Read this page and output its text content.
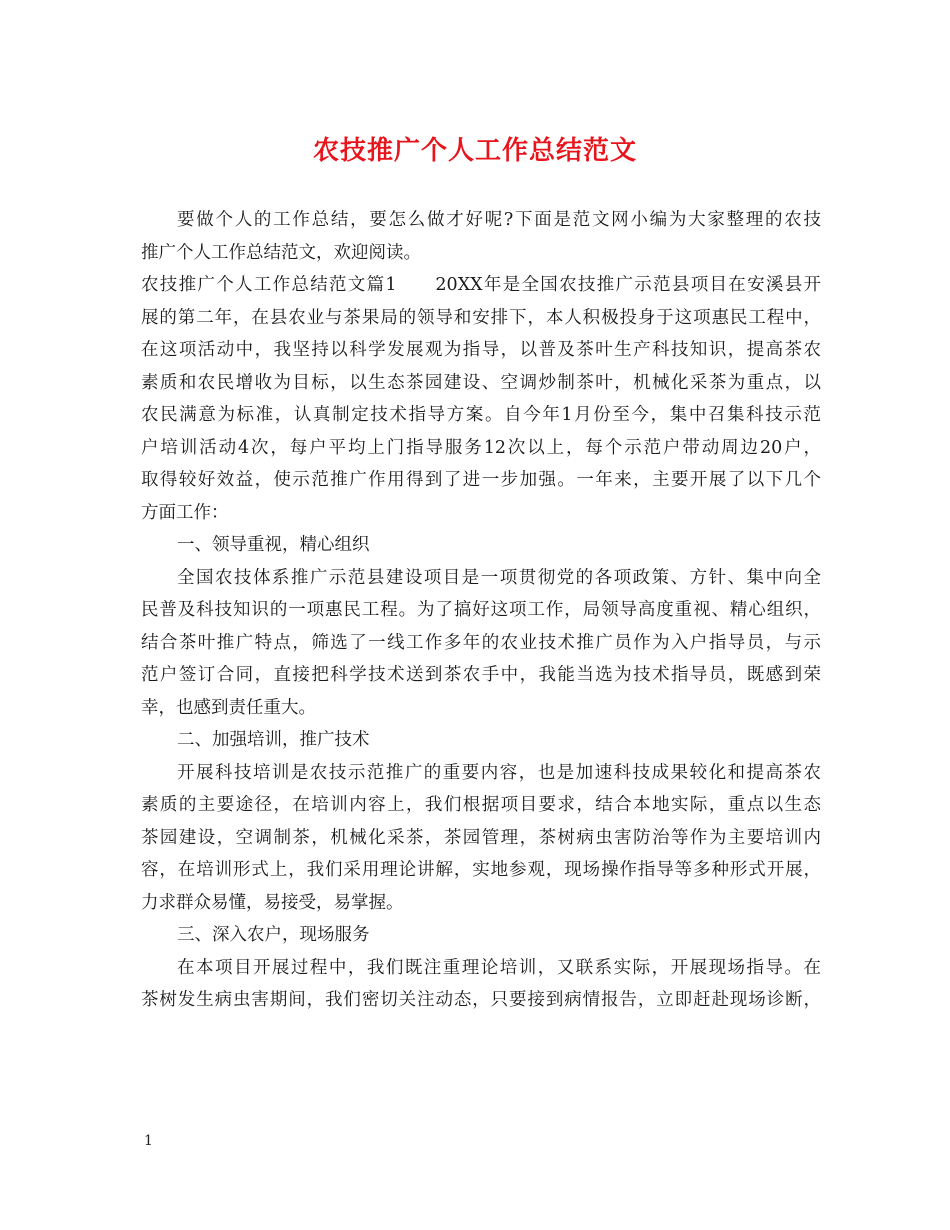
农技推广个人工作总结范文
要做个人的工作总结，要怎么做才好呢?下面是范文网小编为大家整理的农技
推广个人工作总结范文，欢迎阅读。
农技推广个人工作总结范文篇1　　20XX年是全国农技推广示范县项目在安溪县开
展的第二年，在县农业与茶果局的领导和安排下，本人积极投身于这项惠民工程中，
在这项活动中，我坚持以科学发展观为指导，以普及茶叶生产科技知识，提高茶农
素质和农民增收为目标，以生态茶园建设、空调炒制茶叶，机械化采茶为重点，以
农民满意为标准，认真制定技术指导方案。自今年1月份至今，集中召集科技示范
户培训活动4次，每户平均上门指导服务12次以上，每个示范户带动周边20户，
取得较好效益，使示范推广作用得到了进一步加强。一年来，主要开展了以下几个
方面工作：
一、领导重视，精心组织
全国农技体系推广示范县建设项目是一项贯彻党的各项政策、方针、集中向全
民普及科技知识的一项惠民工程。为了搞好这项工作，局领导高度重视、精心组织，
结合茶叶推广特点，筛选了一线工作多年的农业技术推广员作为入户指导员，与示
范户签订合同，直接把科学技术送到茶农手中，我能当选为技术指导员，既感到荣
幸，也感到责任重大。
二、加强培训，推广技术
开展科技培训是农技示范推广的重要内容，也是加速科技成果较化和提高茶农
素质的主要途径，在培训内容上，我们根据项目要求，结合本地实际，重点以生态
茶园建设，空调制茶，机械化采茶，茶园管理，茶树病虫害防治等作为主要培训内
容，在培训形式上，我们采用理论讲解，实地参观，现场操作指导等多种形式开展，
力求群众易懂，易接受，易掌握。
三、深入农户，现场服务
在本项目开展过程中，我们既注重理论培训，又联系实际，开展现场指导。在
茶树发生病虫害期间，我们密切关注动态，只要接到病情报告，立即赶赴现场诊断，
1
